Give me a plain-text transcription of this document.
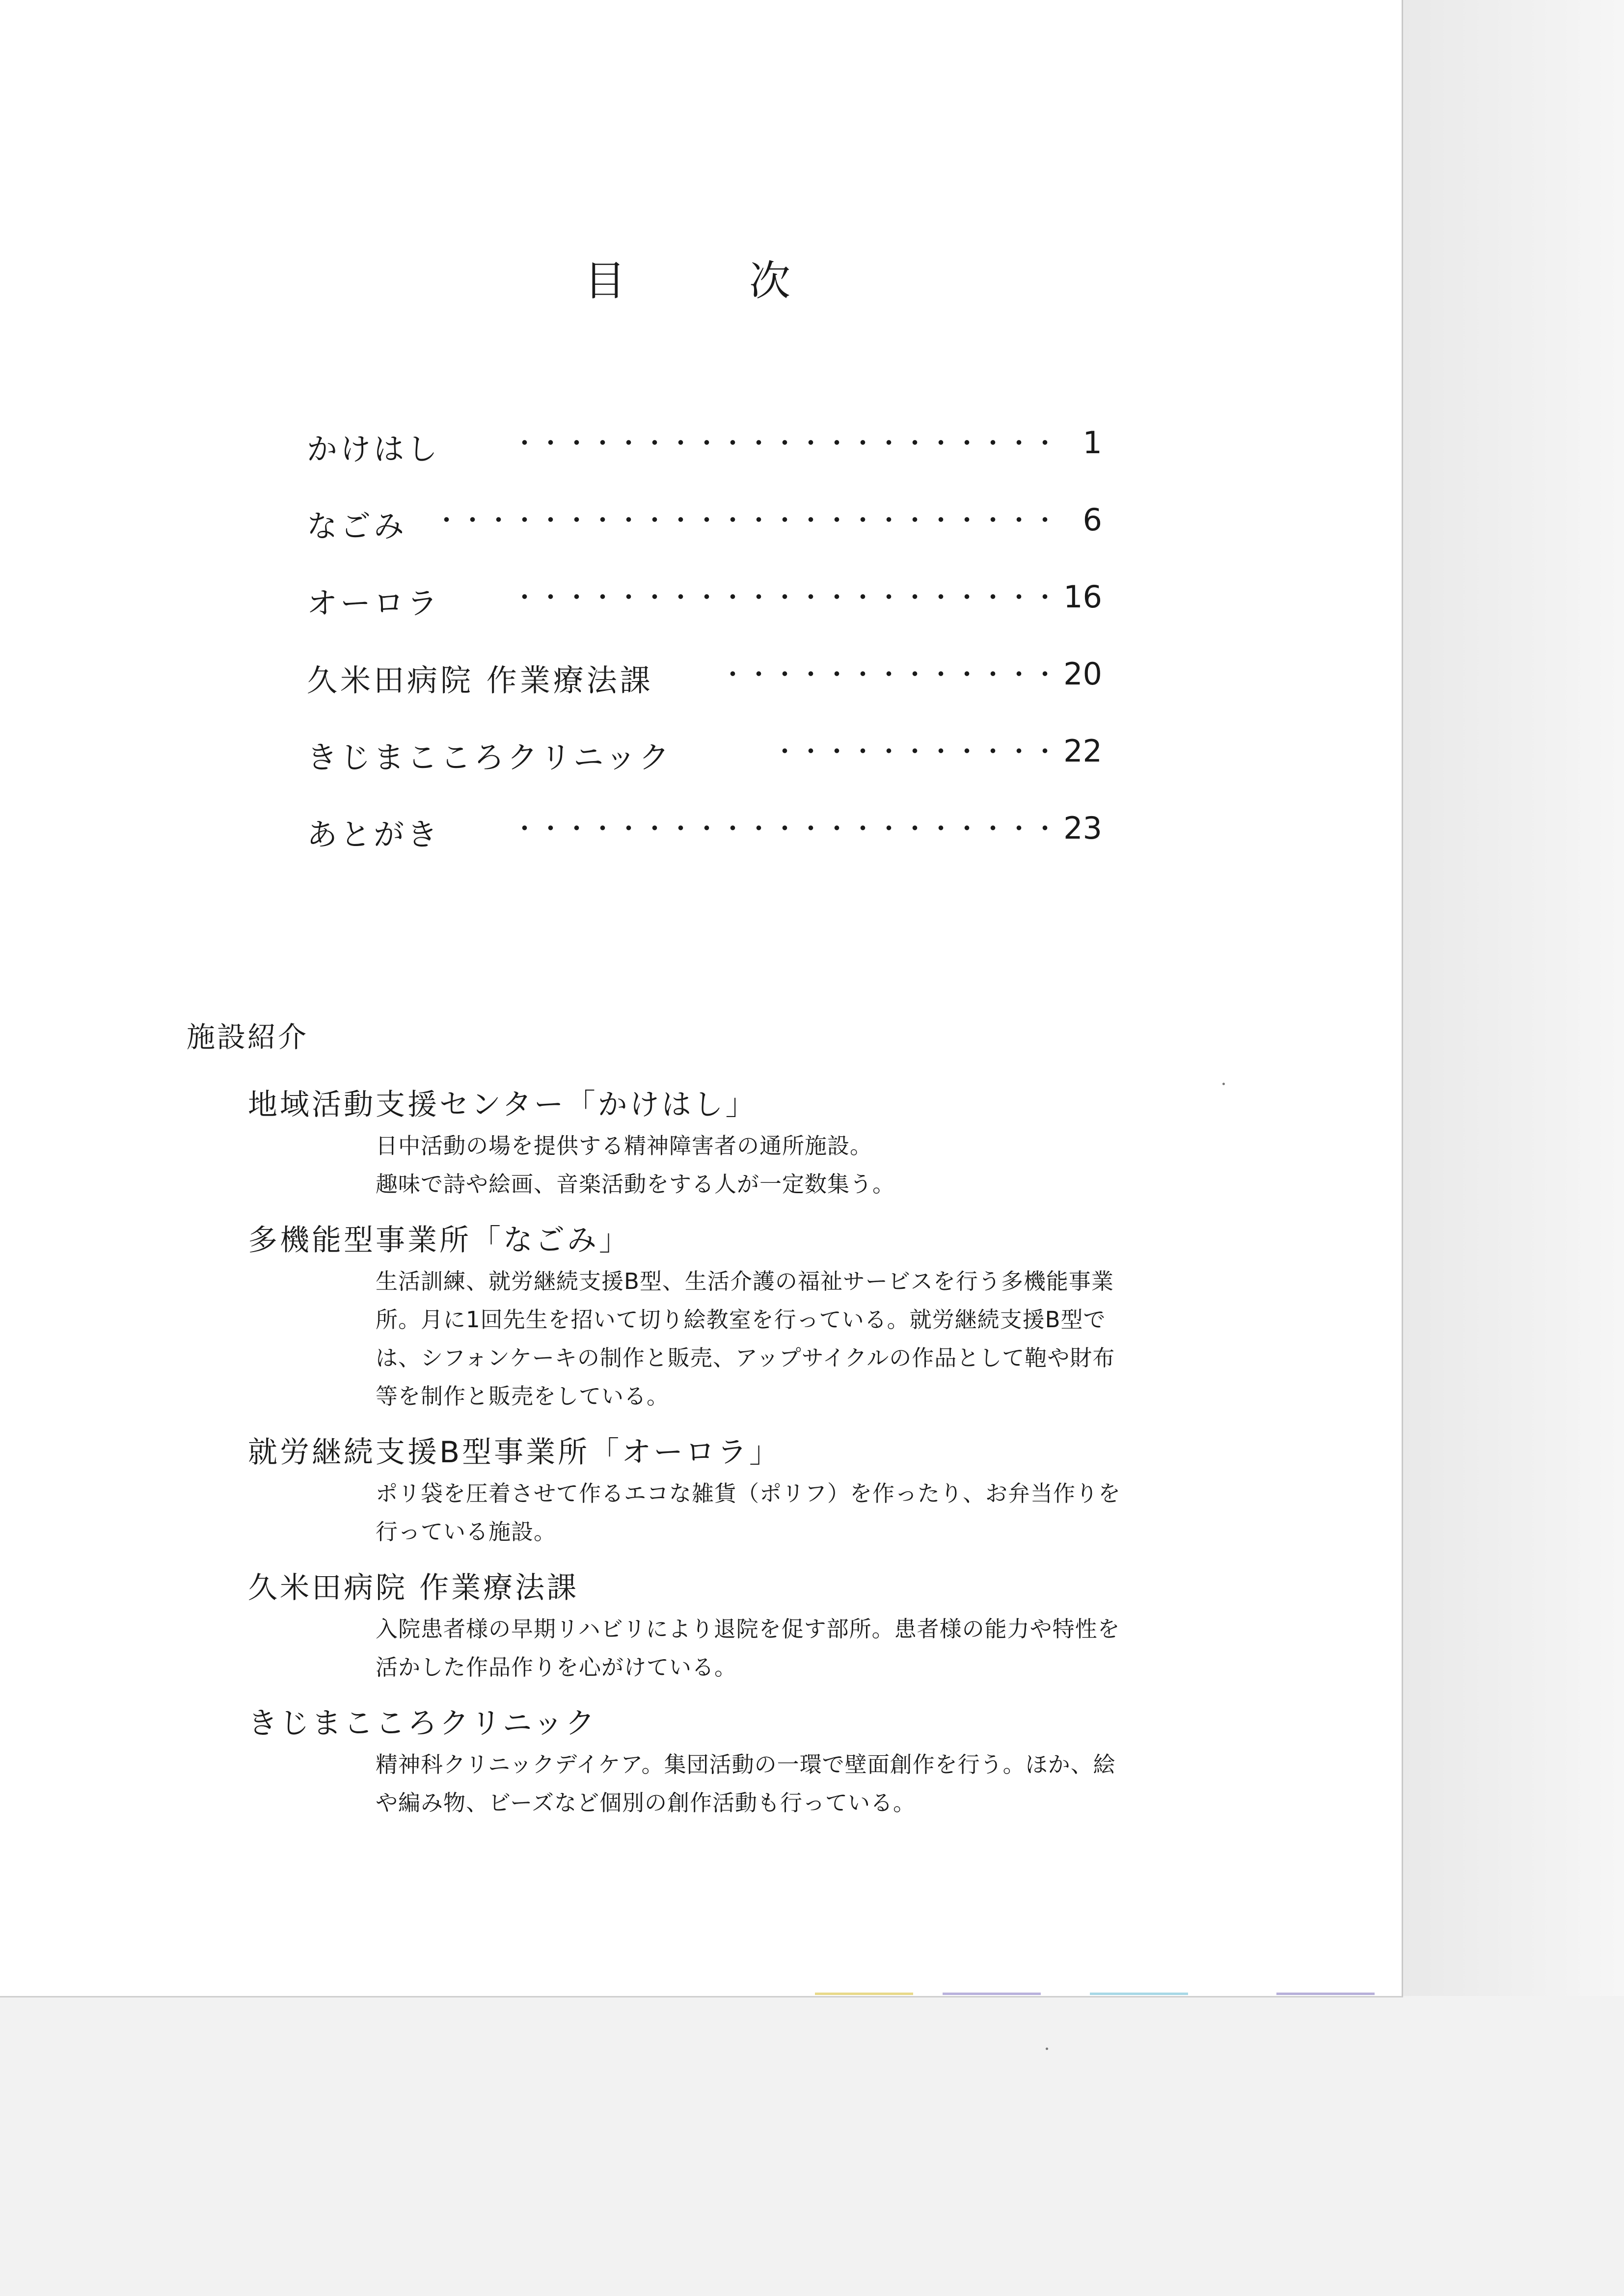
目	次
かけはし	1
なごみ	6
オーロラ	16
久米田病院 作業療法課	20
きじまこころクリニック	22
あとがき	23
施設紹介
地域活動支援センター「かけはし」
日中活動の場を提供する精神障害者の通所施設。
趣味で詩や絵画、音楽活動をする人が一定数集う。
多機能型事業所「なごみ」
生活訓練、就労継続支援B型、生活介護の福祉サービスを行う多機能事業
所。月に1回先生を招いて切り絵教室を行っている。就労継続支援B型で
は、シフォンケーキの制作と販売、アップサイクルの作品として鞄や財布
等を制作と販売をしている。
就労継続支援B型事業所「オーロラ」
ポリ袋を圧着させて作るエコな雑貨（ポリフ）を作ったり、お弁当作りを
行っている施設。
久米田病院 作業療法課
入院患者様の早期リハビリにより退院を促す部所。患者様の能力や特性を
活かした作品作りを心がけている。
きじまこころクリニック
精神科クリニックデイケア。集団活動の一環で壁面創作を行う。ほか、絵
や編み物、ビーズなど個別の創作活動も行っている。
